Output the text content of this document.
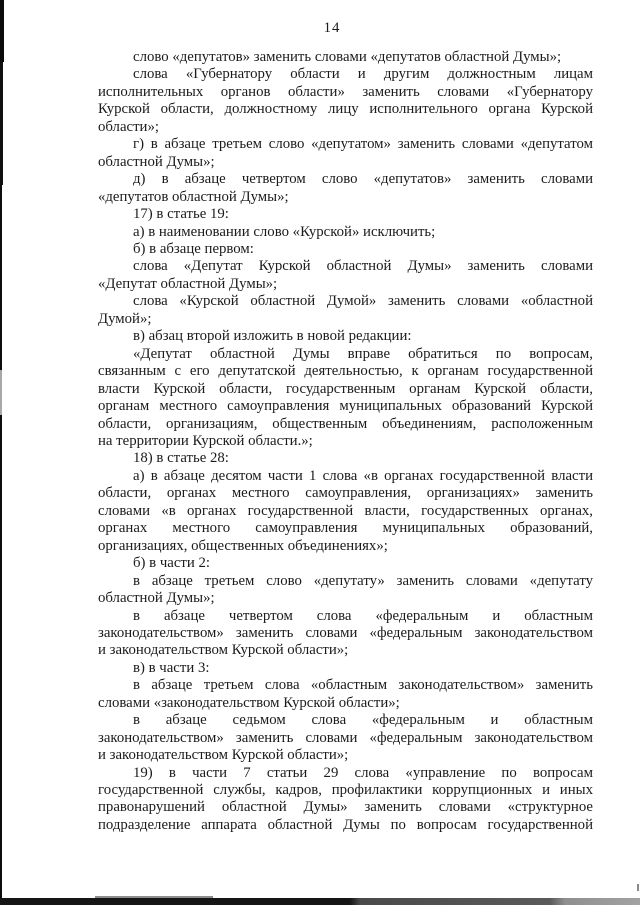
14
слово «депутатов» заменить словами «депутатов областной Думы»;
слова «Губернатору области и другим должностным лицам
исполнительных органов области» заменить словами «Губернатору
Курской области, должностному лицу исполнительного органа Курской
области»;
г) в абзаце третьем слово «депутатом» заменить словами «депутатом
областной Думы»;
д) в абзаце четвертом слово «депутатов» заменить словами
«депутатов областной Думы»;
17) в статье 19:
а) в наименовании слово «Курской» исключить;
б) в абзаце первом:
слова «Депутат Курской областной Думы» заменить словами
«Депутат областной Думы»;
слова «Курской областной Думой» заменить словами «областной
Думой»;
в) абзац второй изложить в новой редакции:
«Депутат областной Думы вправе обратиться по вопросам,
связанным с его депутатской деятельностью, к органам государственной
власти Курской области, государственным органам Курской области,
органам местного самоуправления муниципальных образований Курской
области, организациям, общественным объединениям, расположенным
на территории Курской области.»;
18) в статье 28:
а) в абзаце десятом части 1 слова «в органах государственной власти
области, органах местного самоуправления, организациях» заменить
словами «в органах государственной власти, государственных органах,
органах местного самоуправления муниципальных образований,
организациях, общественных объединениях»;
б) в части 2:
в абзаце третьем слово «депутату» заменить словами «депутату
областной Думы»;
в абзаце четвертом слова «федеральным и областным
законодательством» заменить словами «федеральным законодательством
и законодательством Курской области»;
в) в части 3:
в абзаце третьем слова «областным законодательством» заменить
словами «законодательством Курской области»;
в абзаце седьмом слова «федеральным и областным
законодательством» заменить словами «федеральным законодательством
и законодательством Курской области»;
19) в части 7 статьи 29 слова «управление по вопросам
государственной службы, кадров, профилактики коррупционных и иных
правонарушений областной Думы» заменить словами «структурное
подразделение аппарата областной Думы по вопросам государственной
